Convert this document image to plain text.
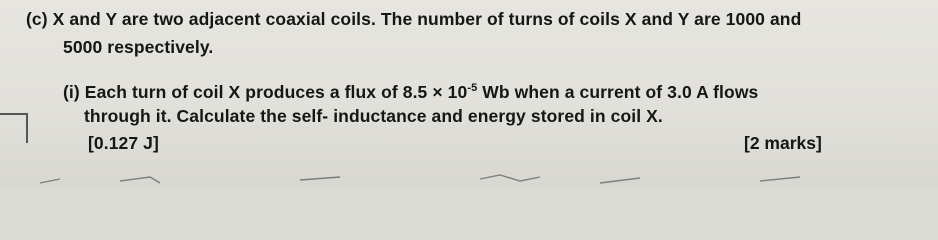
(c) X and Y are two adjacent coaxial coils. The number of turns of coils X and Y are 1000 and
5000 respectively.
(i) Each turn of coil X produces a flux of $8.5 \times 10^{-5}$ Wb when a current of 3.0 A flows
through it. Calculate the self- inductance and energy stored in coil X.
[0.127 J]	[2 marks]
